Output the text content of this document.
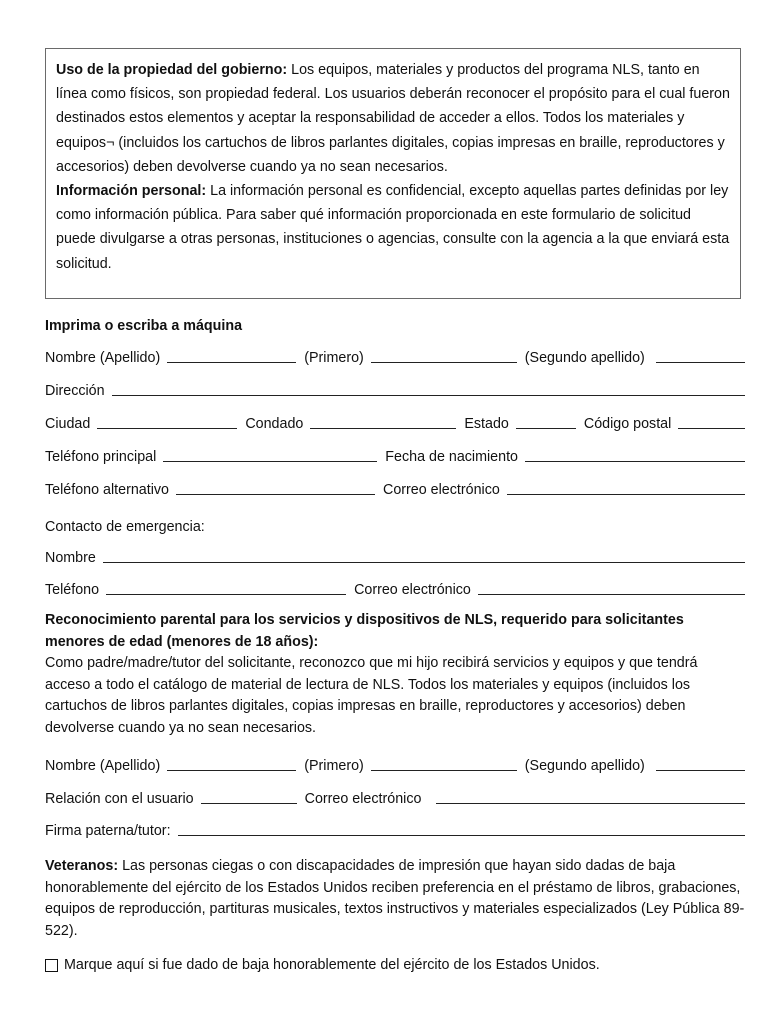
Uso de la propiedad del gobierno: Los equipos, materiales y productos del programa NLS, tanto en línea como físicos, son propiedad federal. Los usuarios deberán reconocer el propósito para el cual fueron destinados estos elementos y aceptar la responsabilidad de acceder a ellos. Todos los materiales y equipos¬ (incluidos los cartuchos de libros parlantes digitales, copias impresas en braille, reproductores y accesorios) deben devolverse cuando ya no sean necesarios.
Información personal: La información personal es confidencial, excepto aquellas partes definidas por ley como información pública. Para saber qué información proporcionada en este formulario de solicitud puede divulgarse a otras personas, instituciones o agencias, consulte con la agencia a la que enviará esta solicitud.
Imprima o escriba a máquina
Nombre (Apellido)	(Primero)	(Segundo apellido)
Dirección
Ciudad	Condado	Estado	Código postal
Teléfono principal	Fecha de nacimiento
Teléfono alternativo	Correo electrónico
Contacto de emergencia:
Nombre
Teléfono	Correo electrónico
Reconocimiento parental para los servicios y dispositivos de NLS, requerido para solicitantes menores de edad (menores de 18 años):
Como padre/madre/tutor del solicitante, reconozco que mi hijo recibirá servicios y equipos y que tendrá acceso a todo el catálogo de material de lectura de NLS. Todos los materiales y equipos (incluidos los cartuchos de libros parlantes digitales, copias impresas en braille, reproductores y accesorios) deben devolverse cuando ya no sean necesarios.
Nombre (Apellido)	(Primero)	(Segundo apellido)
Relación con el usuario	Correo electrónico
Firma paterna/tutor:
Veteranos: Las personas ciegas o con discapacidades de impresión que hayan sido dadas de baja honorablemente del ejército de los Estados Unidos reciben preferencia en el préstamo de libros, grabaciones, equipos de reproducción, partituras musicales, textos instructivos y materiales especializados (Ley Pública 89-522).
Marque aquí si fue dado de baja honorablemente del ejército de los Estados Unidos.
